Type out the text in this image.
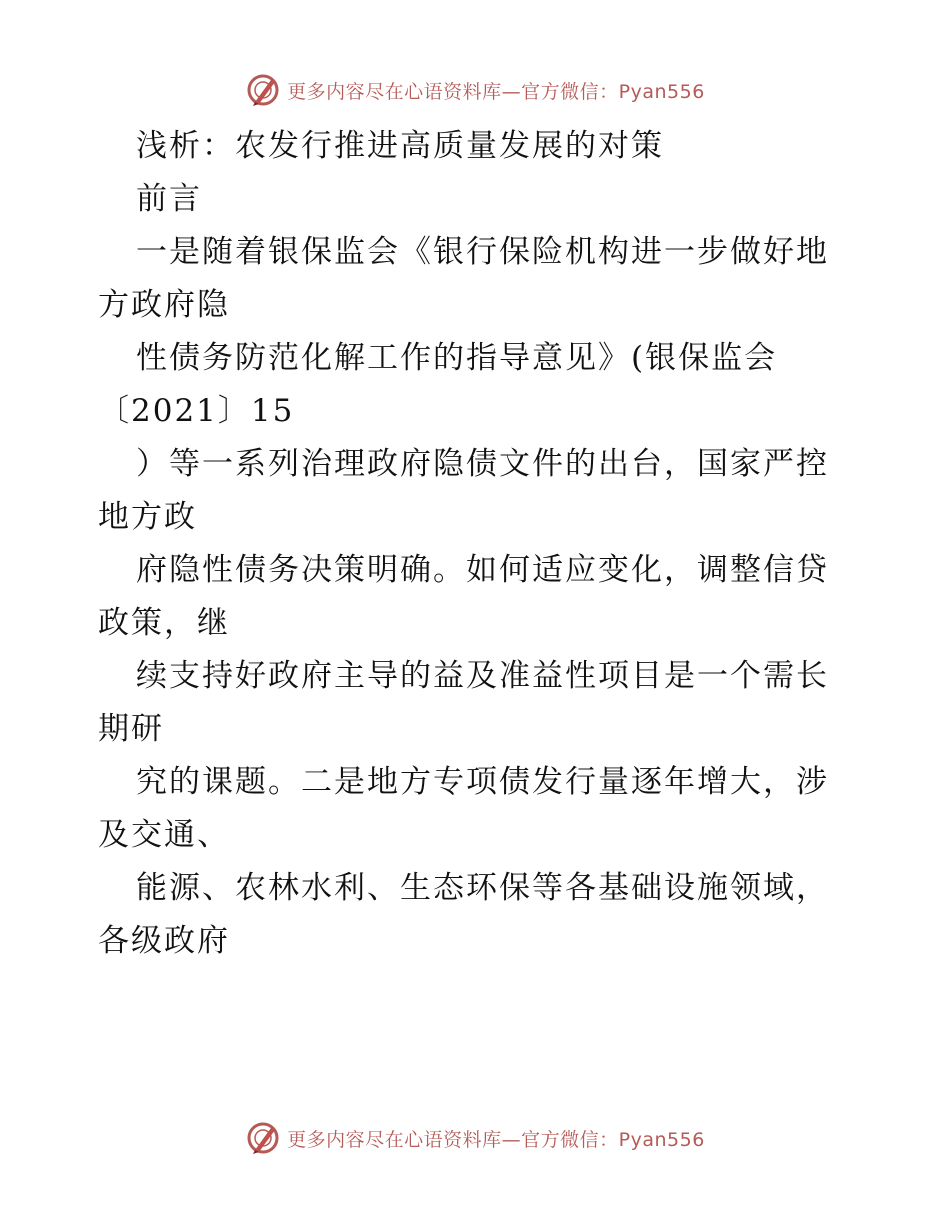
更多内容尽在心语资料库—官方微信：Pyan556
浅析：农发行推进高质量发展的对策
前言
一是随着银保监会《银行保险机构进一步做好地
方政府隐
性债务防范化解工作的指导意见》(银保监会
〔2021〕15
）等一系列治理政府隐债文件的出台，国家严控
地方政
府隐性债务决策明确。如何适应变化，调整信贷
政策，继
续支持好政府主导的益及准益性项目是一个需长
期研
究的课题。二是地方专项债发行量逐年增大，涉
及交通、
能源、农林水利、生态环保等各基础设施领域，
各级政府
更多内容尽在心语资料库—官方微信：Pyan556
